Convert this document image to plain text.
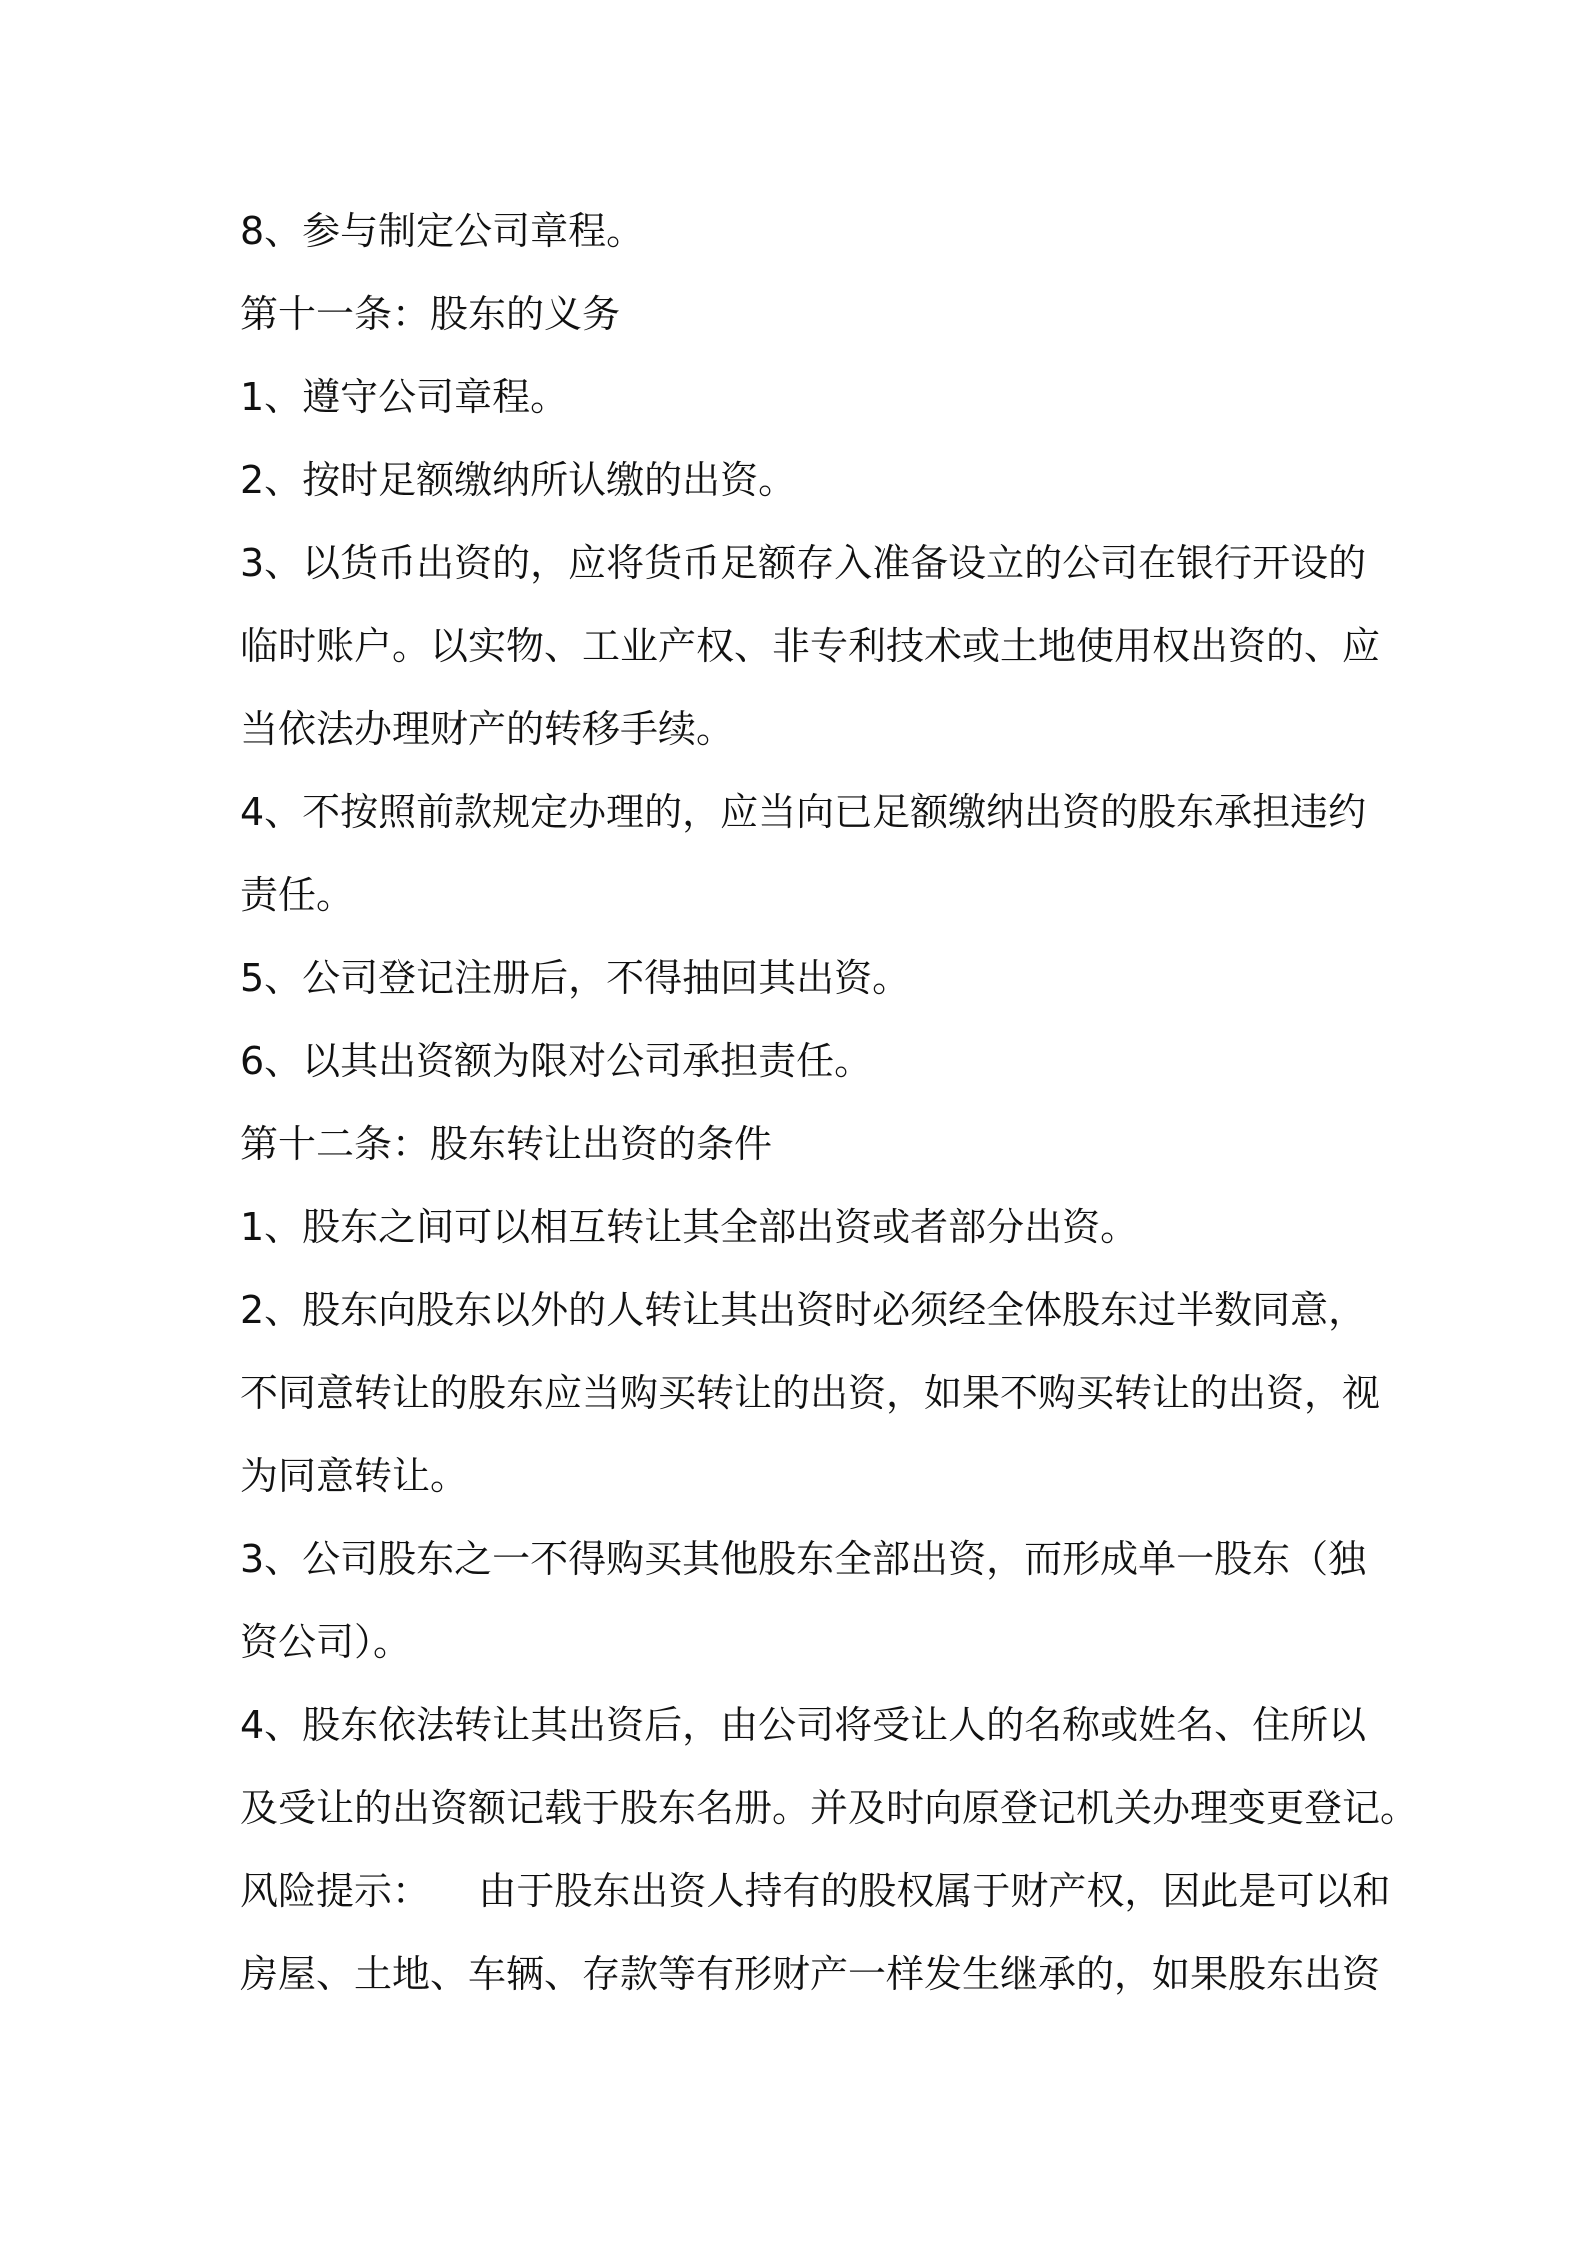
8、参与制定公司章程。
第十一条：股东的义务
1、遵守公司章程。
2、按时足额缴纳所认缴的出资。
3、以货币出资的，应将货币足额存入准备设立的公司在银行开设的
临时账户。以实物、工业产权、非专利技术或土地使用权出资的、应
当依法办理财产的转移手续。
4、不按照前款规定办理的，应当向已足额缴纳出资的股东承担违约
责任。
5、公司登记注册后，不得抽回其出资。
6、以其出资额为限对公司承担责任。
第十二条：股东转让出资的条件
1、股东之间可以相互转让其全部出资或者部分出资。
2、股东向股东以外的人转让其出资时必须经全体股东过半数同意，
不同意转让的股东应当购买转让的出资，如果不购买转让的出资，视
为同意转让。
3、公司股东之一不得购买其他股东全部出资，而形成单一股东（独
资公司）。
4、股东依法转让其出资后，由公司将受让人的名称或姓名、住所以
及受让的出资额记载于股东名册。并及时向原登记机关办理变更登记。
风险提示：    由于股东出资人持有的股权属于财产权，因此是可以和
房屋、土地、车辆、存款等有形财产一样发生继承的，如果股东出资
